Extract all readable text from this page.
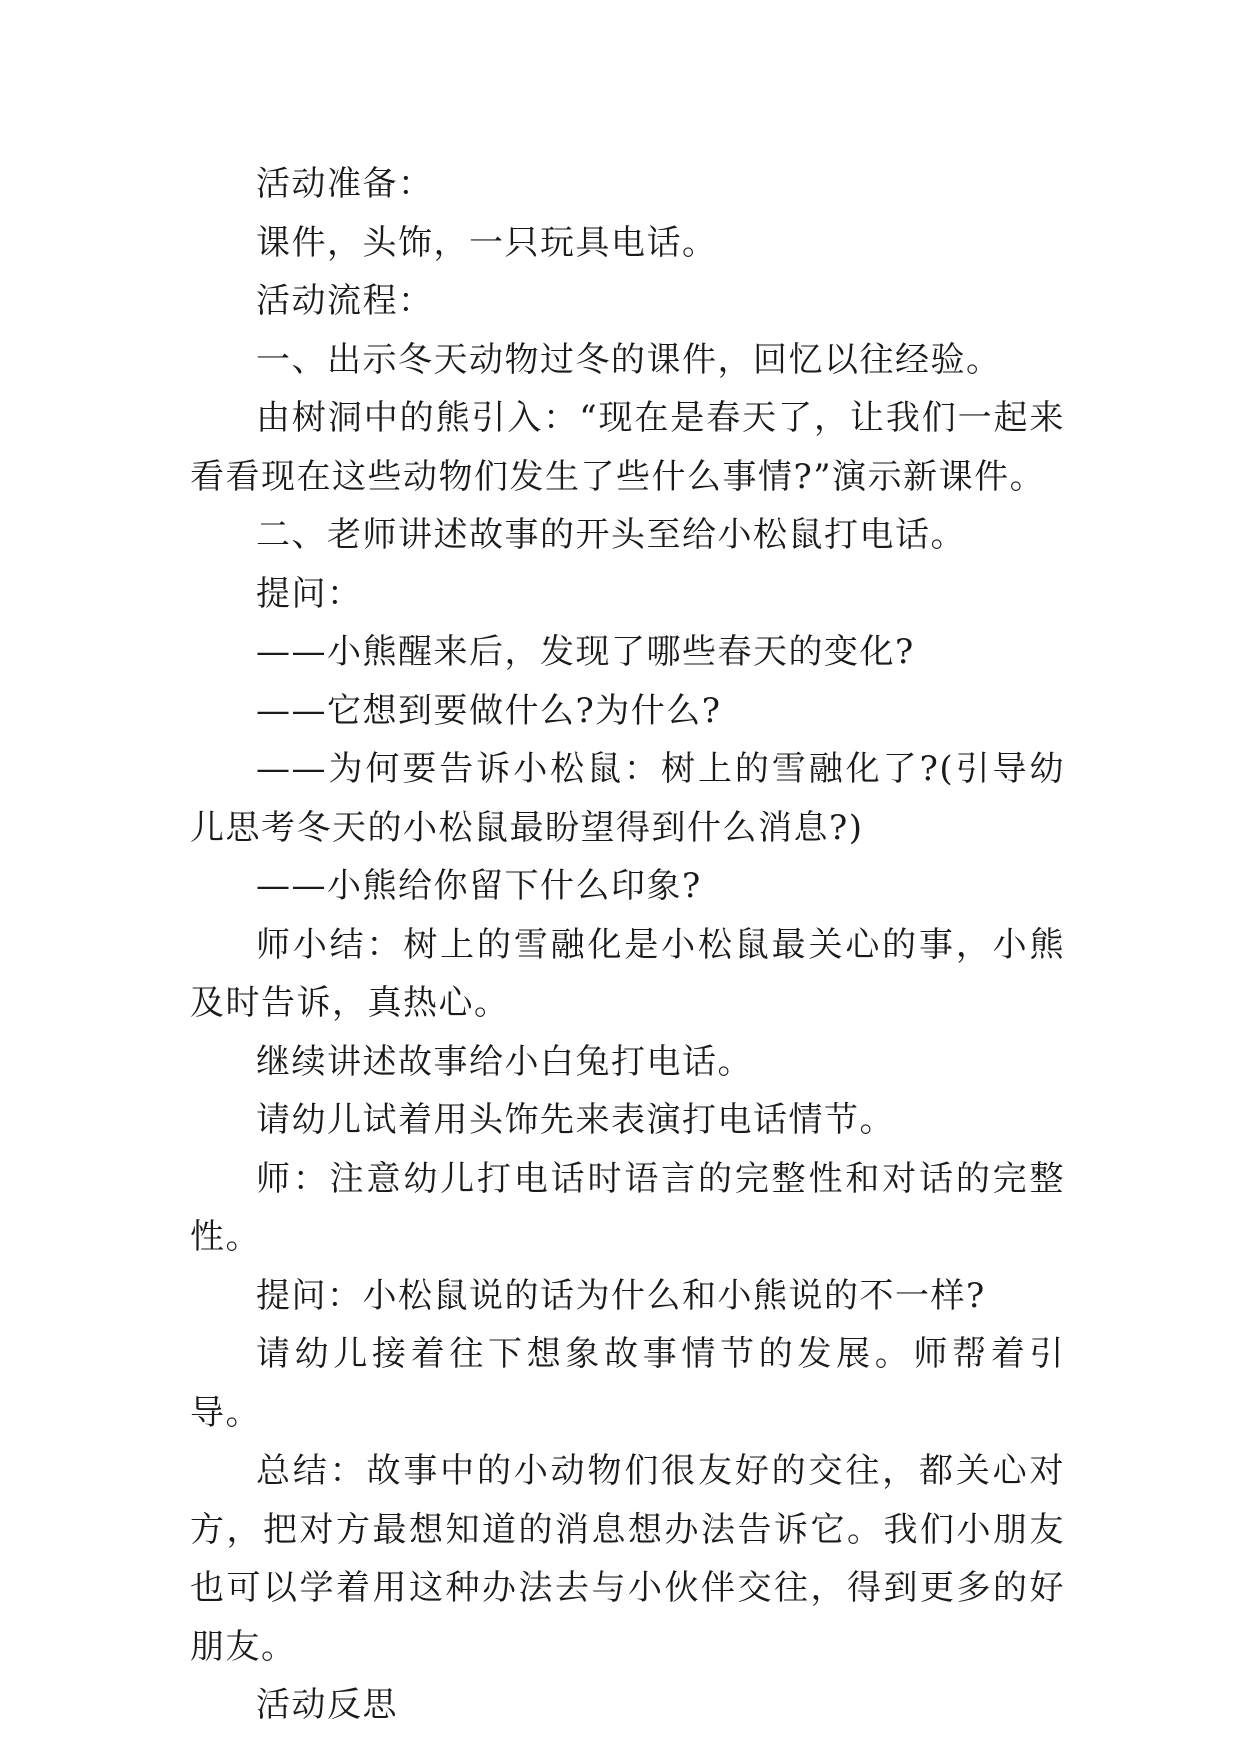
活动准备：

课件，头饰，一只玩具电话。

活动流程：

一、出示冬天动物过冬的课件，回忆以往经验。

由树洞中的熊引入：“现在是春天了，让我们一起来看看现在这些动物们发生了些什么事情?”演示新课件。

二、老师讲述故事的开头至给小松鼠打电话。

提问：

——小熊醒来后，发现了哪些春天的变化?

——它想到要做什么?为什么?

——为何要告诉小松鼠：树上的雪融化了?(引导幼儿思考冬天的小松鼠最盼望得到什么消息?)

——小熊给你留下什么印象?

师小结：树上的雪融化是小松鼠最关心的事，小熊及时告诉，真热心。

继续讲述故事给小白兔打电话。

请幼儿试着用头饰先来表演打电话情节。

师：注意幼儿打电话时语言的完整性和对话的完整性。

提问：小松鼠说的话为什么和小熊说的不一样?

请幼儿接着往下想象故事情节的发展。师帮着引导。

总结：故事中的小动物们很友好的交往，都关心对方，把对方最想知道的消息想办法告诉它。我们小朋友也可以学着用这种办法去与小伙伴交往，得到更多的好朋友。

活动反思
